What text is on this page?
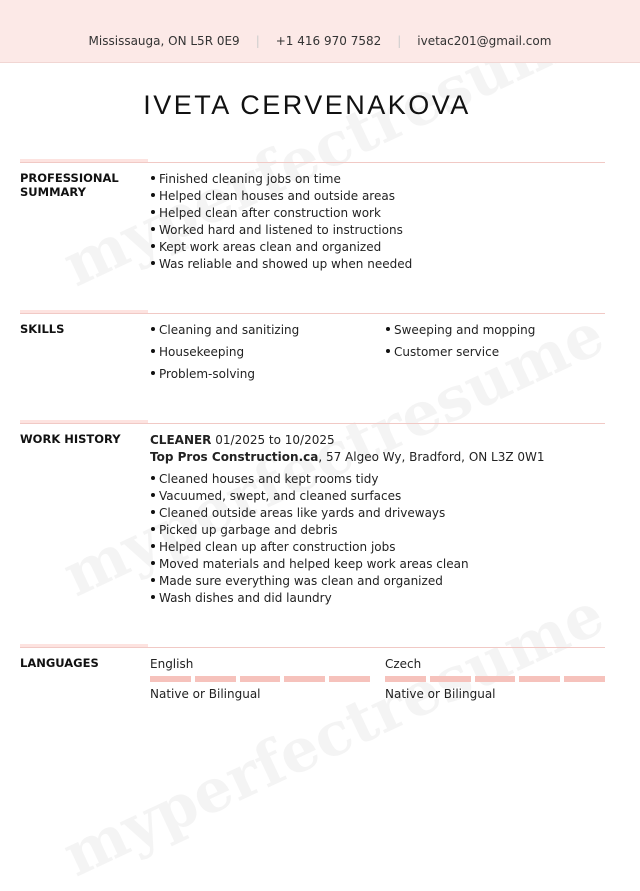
Mississauga, ON L5R 0E9 | +1 416 970 7582 | ivetac201@gmail.com
IVETA CERVENAKOVA
PROFESSIONAL SUMMARY
Finished cleaning jobs on time
Helped clean houses and outside areas
Helped clean after construction work
Worked hard and listened to instructions
Kept work areas clean and organized
Was reliable and showed up when needed
SKILLS	Cleaning and sanitizing	Sweeping and mopping
Housekeeping	Customer service
Problem-solving
WORK HISTORY CLEANER 01/2025 to 10/2025
Top Pros Construction.ca, 57 Algeo Wy, Bradford, ON L3Z 0W1
Cleaned houses and kept rooms tidy
Vacuumed, swept, and cleaned surfaces
Cleaned outside areas like yards and driveways
Picked up garbage and debris
Helped clean up after construction jobs
Moved materials and helped keep work areas clean
Made sure everything was clean and organized
Wash dishes and did laundry
LANGUAGES	English
Native or Bilingual
Czech
Native or Bilingual
